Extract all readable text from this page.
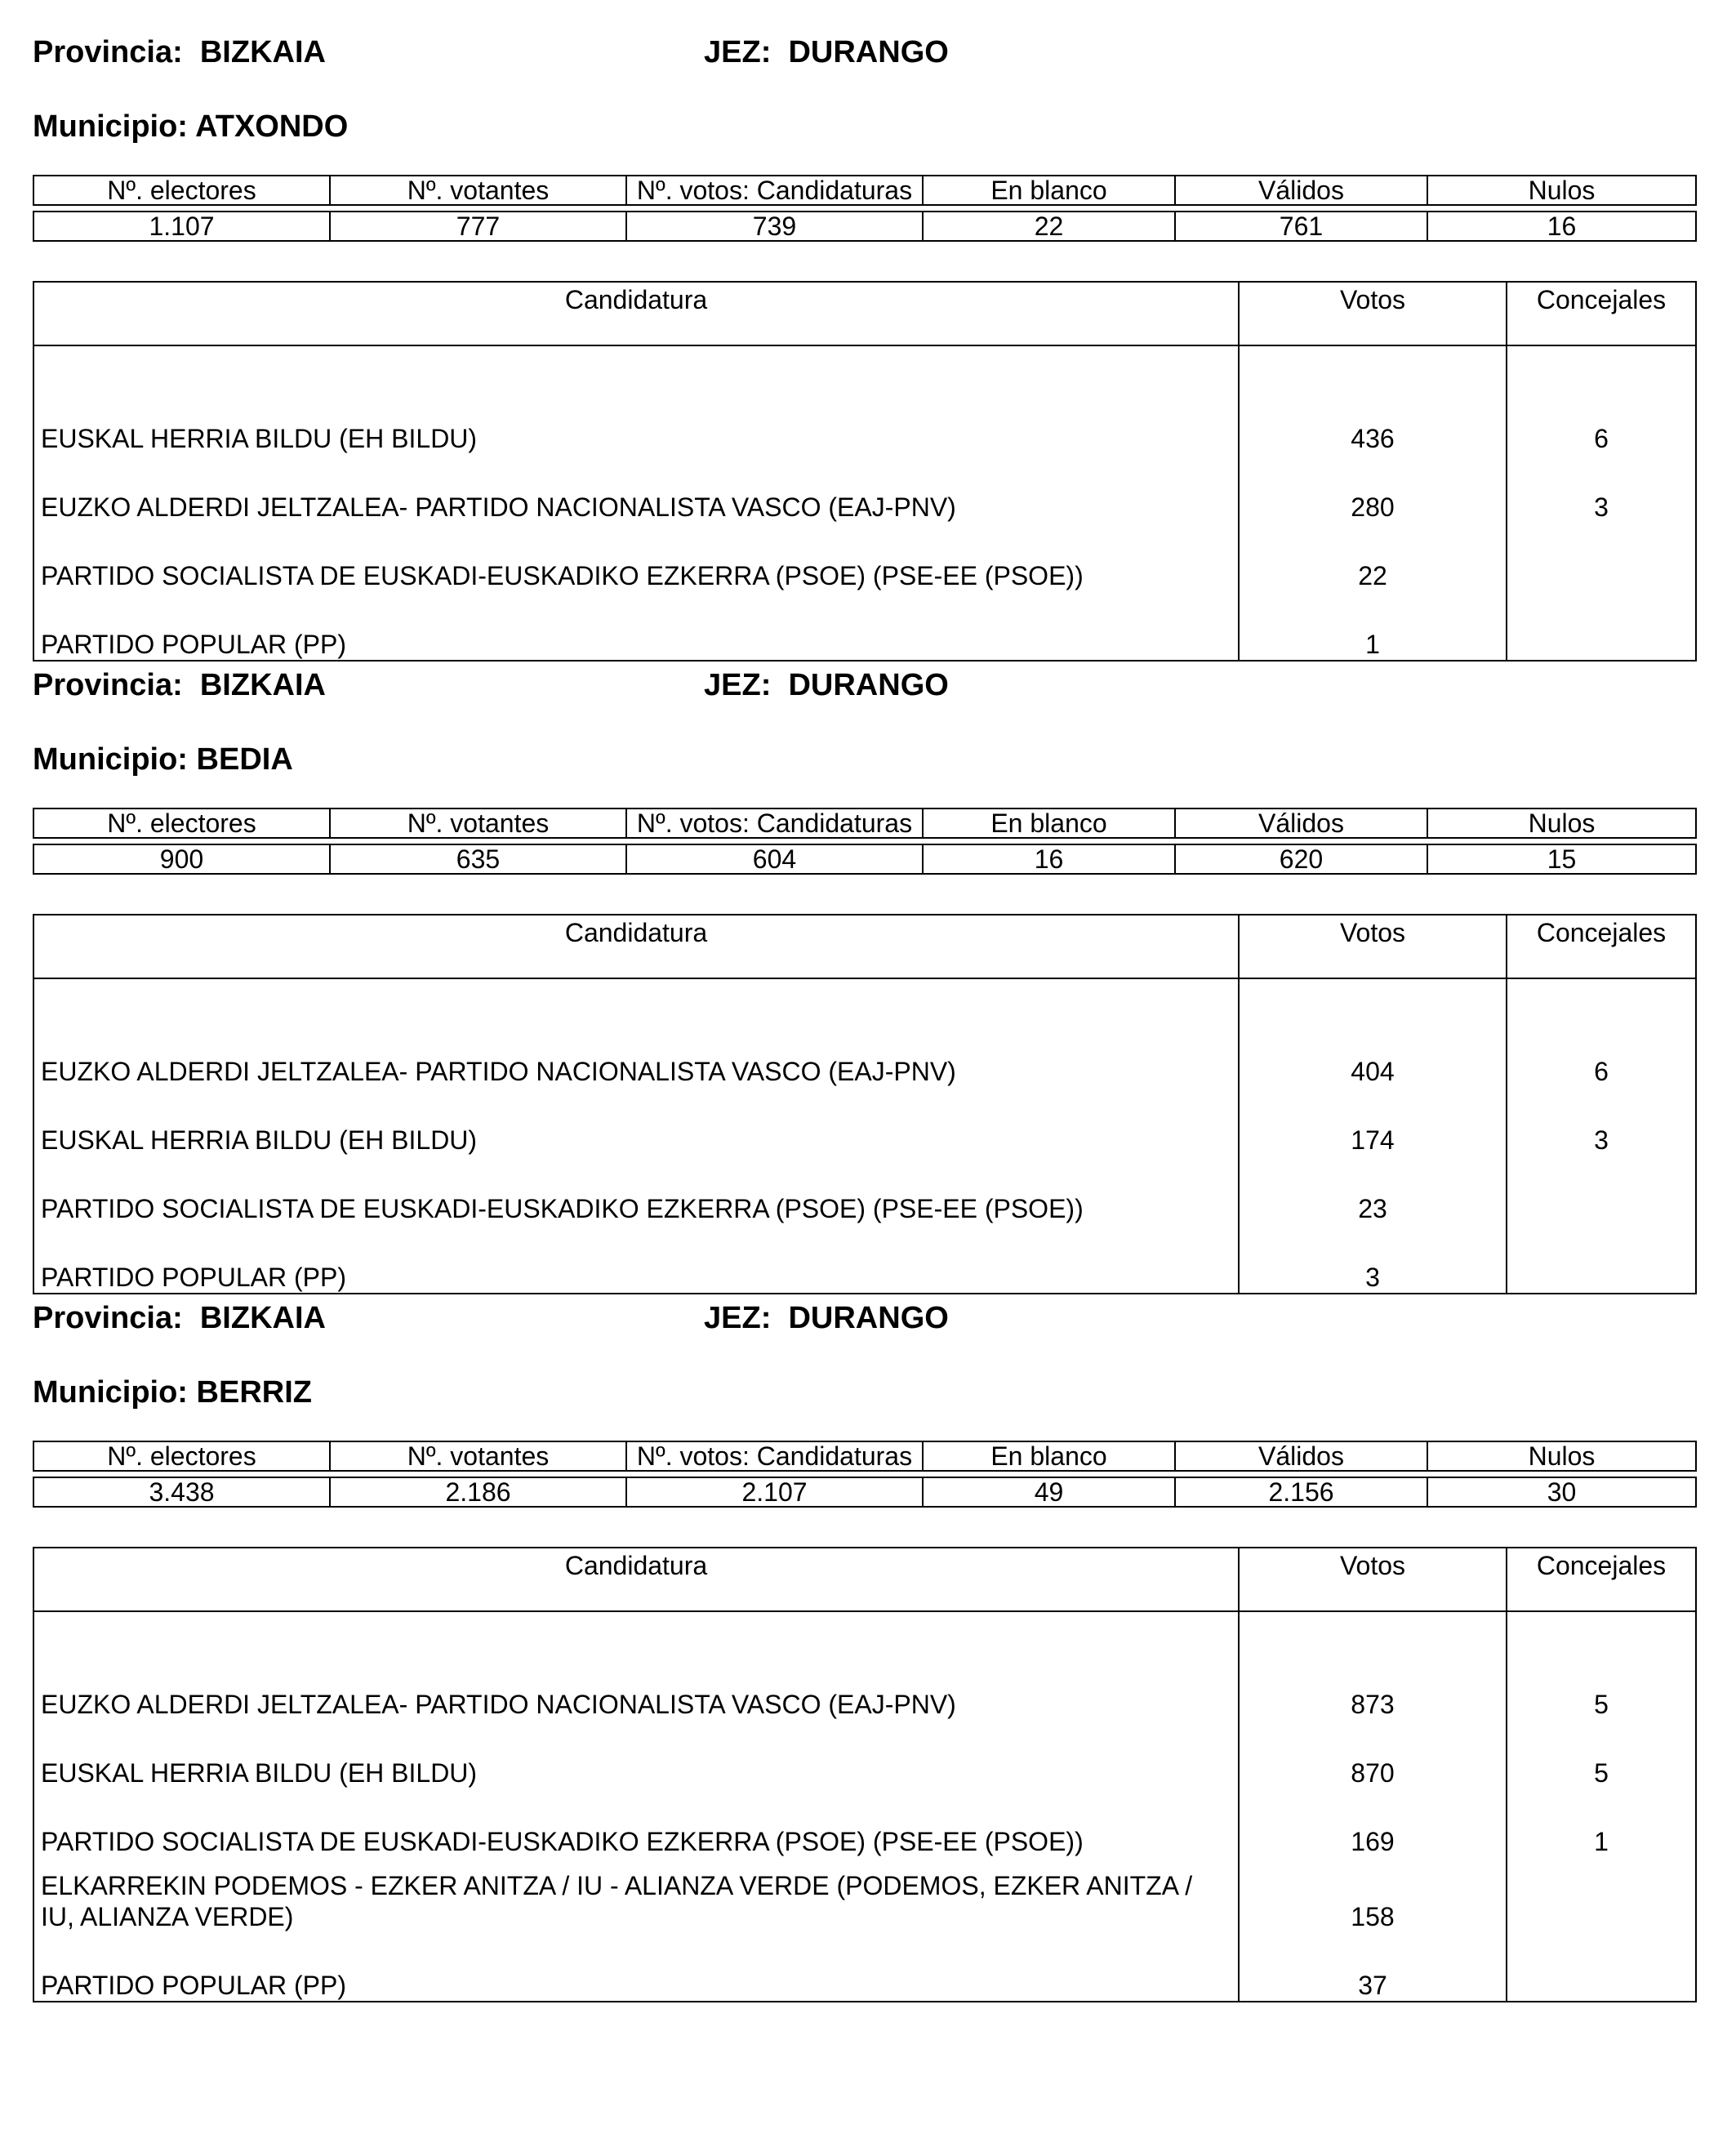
Provincia: BIZKAIA	JEZ: DURANGO
Municipio: ATXONDO
Nº. electores	Nº. votantes	Nº. votos: Candidaturas	En blanco	Válidos	Nulos

1.107	777	739	22	761	16
Candidatura	Votos	Concejales
EUSKAL HERRIA BILDU (EH BILDU)	436	6
EUZKO ALDERDI JELTZALEA- PARTIDO NACIONALISTA VASCO (EAJ-PNV)	280	3
PARTIDO SOCIALISTA DE EUSKADI-EUSKADIKO EZKERRA (PSOE) (PSE-EE (PSOE))	22	
PARTIDO POPULAR (PP)	1	
Provincia: BIZKAIA	JEZ: DURANGO
Municipio: BEDIA
Nº. electores	Nº. votantes	Nº. votos: Candidaturas	En blanco	Válidos	Nulos

900	635	604	16	620	15
Candidatura	Votos	Concejales
EUZKO ALDERDI JELTZALEA- PARTIDO NACIONALISTA VASCO (EAJ-PNV)	404	6
EUSKAL HERRIA BILDU (EH BILDU)	174	3
PARTIDO SOCIALISTA DE EUSKADI-EUSKADIKO EZKERRA (PSOE) (PSE-EE (PSOE))	23	
PARTIDO POPULAR (PP)	3	
Provincia: BIZKAIA	JEZ: DURANGO
Municipio: BERRIZ
Nº. electores	Nº. votantes	Nº. votos: Candidaturas	En blanco	Válidos	Nulos

3.438	2.186	2.107	49	2.156	30
Candidatura	Votos	Concejales
EUZKO ALDERDI JELTZALEA- PARTIDO NACIONALISTA VASCO (EAJ-PNV)	873	5
EUSKAL HERRIA BILDU (EH BILDU)	870	5
PARTIDO SOCIALISTA DE EUSKADI-EUSKADIKO EZKERRA (PSOE) (PSE-EE (PSOE))	169	1
ELKARREKIN PODEMOS - EZKER ANITZA / IU - ALIANZA VERDE (PODEMOS, EZKER ANITZA / IU, ALIANZA VERDE)	158	
PARTIDO POPULAR (PP)	37	
